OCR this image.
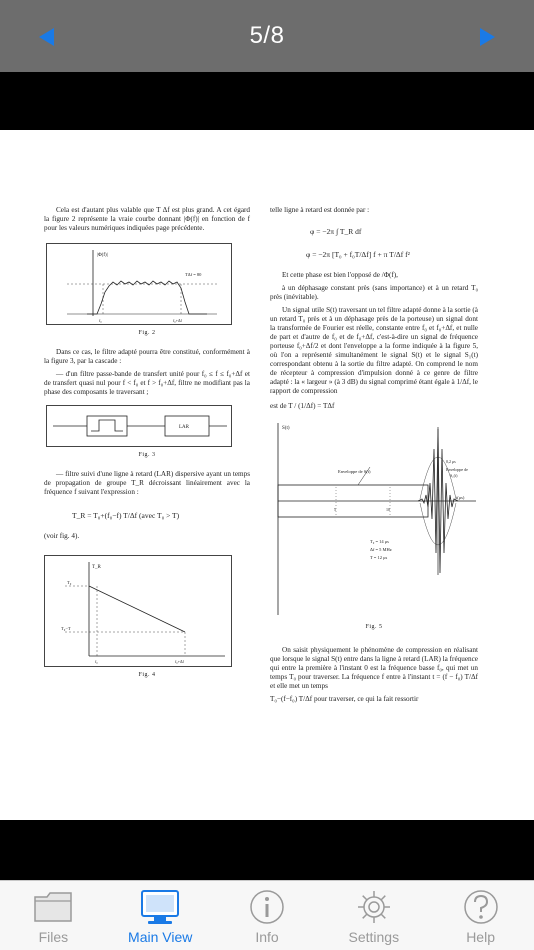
5/8

Cela est d'autant plus valable que T Δf est plus grand. A cet égard la figure 2 représente la vraie courbe donnant |Φ(f)| en fonction de f pour les valeurs numériques indiquées page précédente.

|Φ(f)|
TΔf = 80
f₀	f₀+Δf
Fig. 2

Dans ce cas, le filtre adapté pourra être constitué, conformément à la figure 3, par la cascade :

— d'un filtre passe-bande de transfert unité pour f₀ ≤ f ≤ f₀+Δf et de transfert quasi nul pour f < f₀ et f > f₀+Δf, filtre ne modifiant pas la phase des composants le traversant ;

LAR
Fig. 3

— filtre suivi d'une ligne à retard (LAR) dispersive ayant un temps de propagation de groupe T_R décroissant linéairement avec la fréquence f suivant l'expression :

T_R = T₀+(f₀−f) T/Δf (avec T₀ > T)

(voir fig. 4).

T_R
T₀
T₀−T
f₀	f₀+Δf
Fig. 4

telle ligne à retard est donnée par :

φ = −2π ∫ T_R df
φ = −2π [T₀ + f₀T/Δf] f + π T/Δf f²

Et cette phase est bien l'opposé de /Φ(f),

à un déphasage constant près (sans importance) et à un retard T₀ près (inévitable).

Un signal utile S(t) traversant un tel filtre adapté donne à la sortie (à un retard T₀ près et à un déphasage près de la porteuse) un signal dont la transformée de Fourier est réelle, constante entre f₀ et f₀+Δf, et nulle de part et d'autre de f₀ et de f₀+Δf, c'est-à-dire un signal de fréquence porteuse f₀+Δf/2 et dont l'enveloppe a la forme indiquée à la figure 5, où l'on a représenté simultanément le signal S(t) et le signal S₁(t) correspondant obtenu à la sortie du filtre adapté. On comprend le nom de récepteur à compression d'impulsion donné à ce genre de filtre adapté : la « largeur » (à 3 dB) du signal comprimé étant égale à 1/Δf, le rapport de compression

est de T / (1/Δf) = TΔf

S(t)
Enveloppe de S(t)
0,2 μs
Enveloppe de
S₁(t)
t(μs)
5	10
T₀ = 14 μs
Δf = 5 MHz
T = 12 μs
Fig. 5

On saisit physiquement le phénomène de compression en réalisant que lorsque le signal S(t) entre dans la ligne à retard (LAR) la fréquence qui entre la première à l'instant 0 est la fréquence basse f₀, qui met un temps T₀ pour traverser. La fréquence f entre à l'instant t = (f − f₀) T/Δf et elle met un temps

T₀−(f−f₀) T/Δf pour traverser, ce qui la fait ressortir

Files	Main View	Info	Settings	Help
